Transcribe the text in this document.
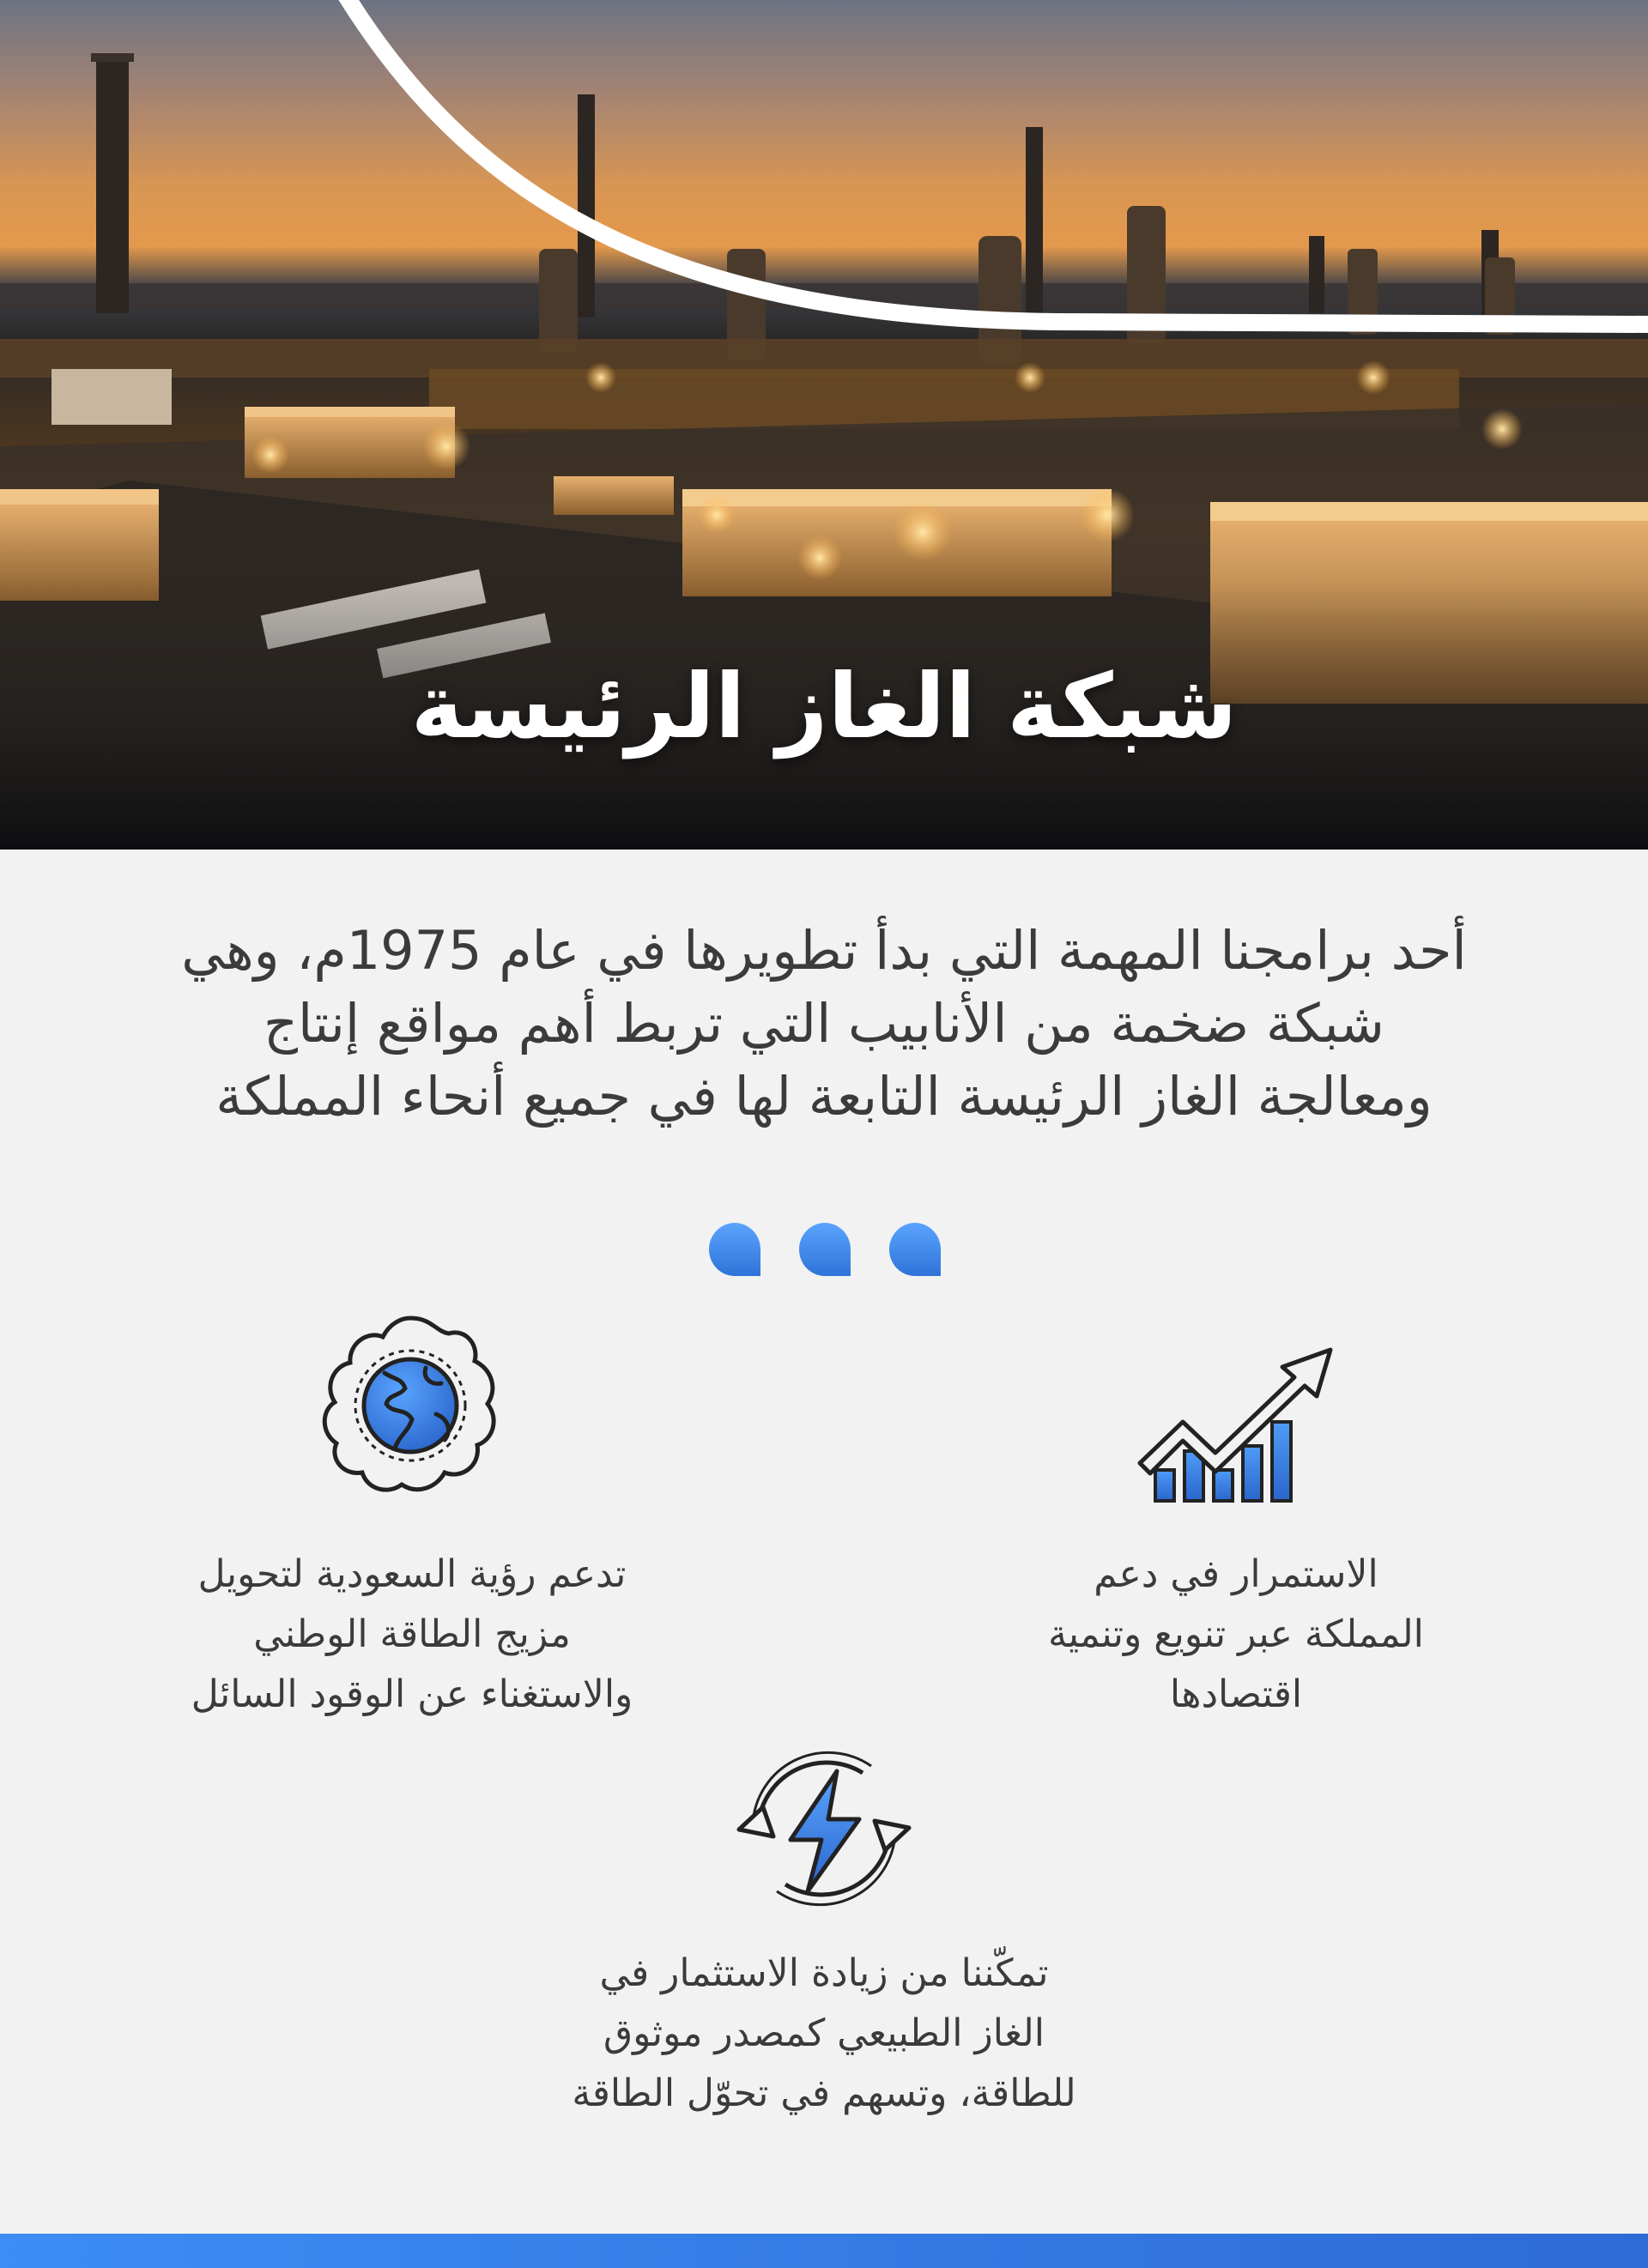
شبكة الغاز الرئيسة

أحد برامجنا المهمة التي بدأ تطويرها في عام 1975م، وهي

شبكة ضخمة من الأنابيب التي تربط أهم مواقع إنتاج

ومعالجة الغاز الرئيسة التابعة لها في جميع أنحاء المملكة

الاستمرار في دعم
المملكة عبر تنويع وتنمية
اقتصادها
تدعم رؤية السعودية لتحويل
مزيج الطاقة الوطني
والاستغناء عن الوقود السائل
تمكّننا من زيادة الاستثمار في
الغاز الطبيعي كمصدر موثوق
للطاقة، وتسهم في تحوّل الطاقة
